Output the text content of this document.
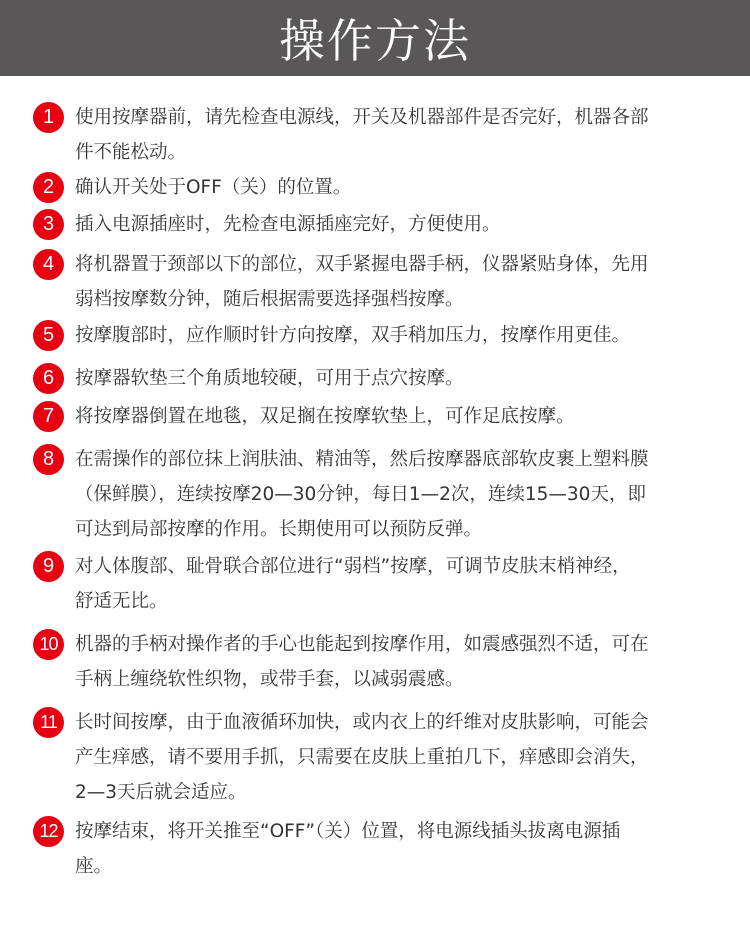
操作方法
1	使用按摩器前，请先检查电源线，开关及机器部件是否完好，机器各部
件不能松动。
2	确认开关处于OFF（关）的位置。
3	插入电源插座时，先检查电源插座完好，方便使用。
4	将机器置于颈部以下的部位，双手紧握电器手柄，仪器紧贴身体，先用
弱档按摩数分钟，随后根据需要选择强档按摩。
5	按摩腹部时，应作顺时针方向按摩，双手稍加压力，按摩作用更佳。
6	按摩器软垫三个角质地较硬，可用于点穴按摩。
7	将按摩器倒置在地毯，双足搁在按摩软垫上，可作足底按摩。
8	在需操作的部位抹上润肤油、精油等，然后按摩器底部软皮裹上塑料膜
（保鲜膜），连续按摩20—30分钟，每日1—2次，连续15—30天，即
可达到局部按摩的作用。长期使用可以预防反弹。
9	对人体腹部、耻骨联合部位进行“弱档”按摩，可调节皮肤末梢神经，
舒适无比。
10 机器的手柄对操作者的手心也能起到按摩作用，如震感强烈不适，可在
手柄上缠绕软性织物，或带手套，以减弱震感。
11 长时间按摩，由于血液循环加快，或内衣上的纤维对皮肤影响，可能会
产生痒感，请不要用手抓，只需要在皮肤上重拍几下，痒感即会消失，
2—3天后就会适应。
12 按摩结束，将开关推至“OFF”（关）位置，将电源线插头拔离电源插
座。
